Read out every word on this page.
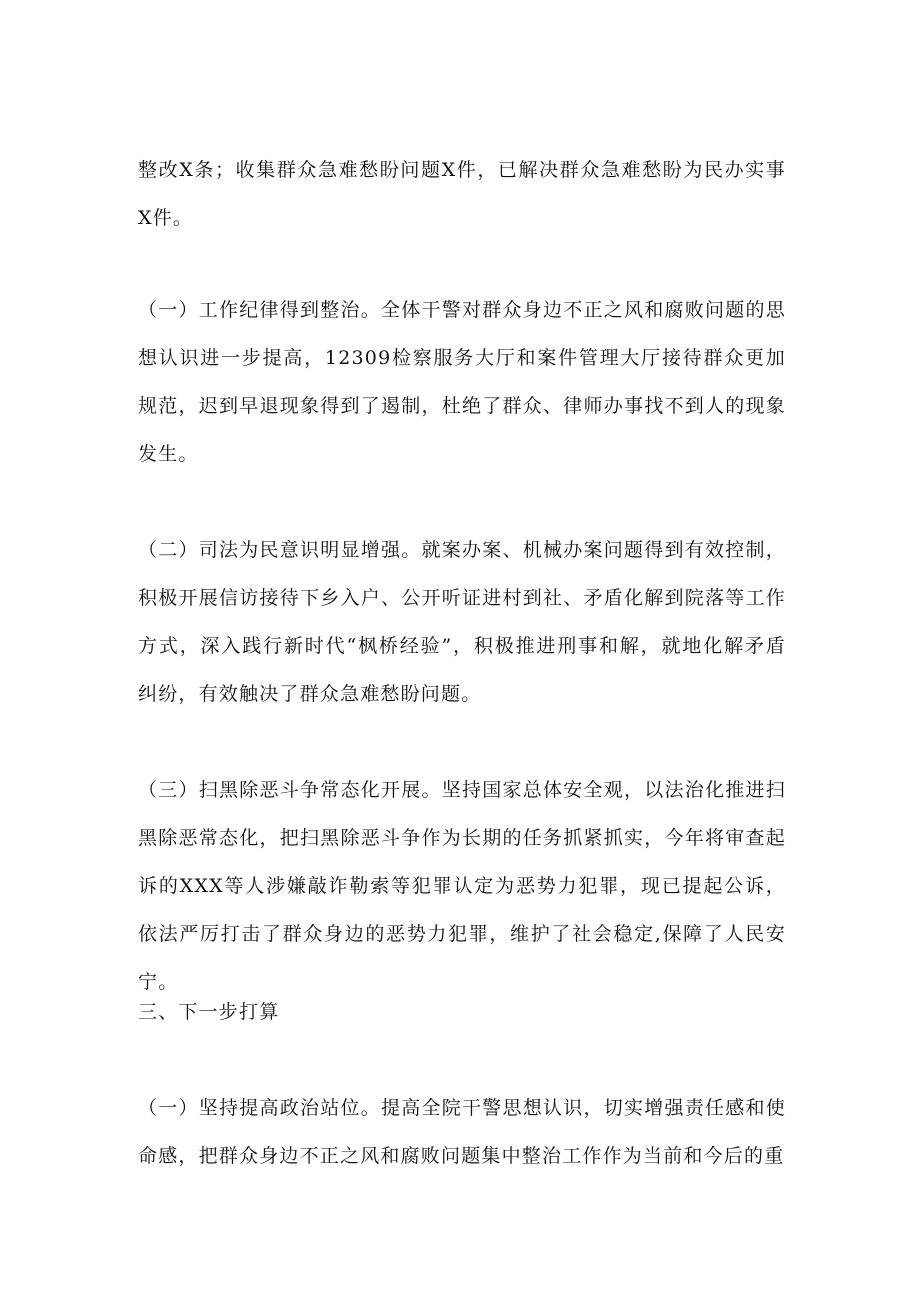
整改X条；收集群众急难愁盼问题X件，已解决群众急难愁盼为民办实事X件。

（一）工作纪律得到整治。全体干警对群众身边不正之风和腐败问题的思想认识进一步提高，12309检察服务大厅和案件管理大厅接待群众更加规范，迟到早退现象得到了遏制，杜绝了群众、律师办事找不到人的现象发生。

（二）司法为民意识明显增强。就案办案、机械办案问题得到有效控制，积极开展信访接待下乡入户、公开听证进村到社、矛盾化解到院落等工作方式，深入践行新时代“枫桥经验”，积极推进刑事和解，就地化解矛盾纠纷，有效触决了群众急难愁盼问题。

（三）扫黑除恶斗争常态化开展。坚持国家总体安全观，以法治化推进扫黑除恶常态化，把扫黑除恶斗争作为长期的任务抓紧抓实，今年将审查起诉的XXX等人涉嫌敲诈勒索等犯罪认定为恶势力犯罪，现已提起公诉，依法严厉打击了群众身边的恶势力犯罪，维护了社会稳定,保障了人民安宁。

三、下一步打算

（一）坚持提高政治站位。提高全院干警思想认识，切实增强责任感和使命感，把群众身边不正之风和腐败问题集中整治工作作为当前和今后的重
